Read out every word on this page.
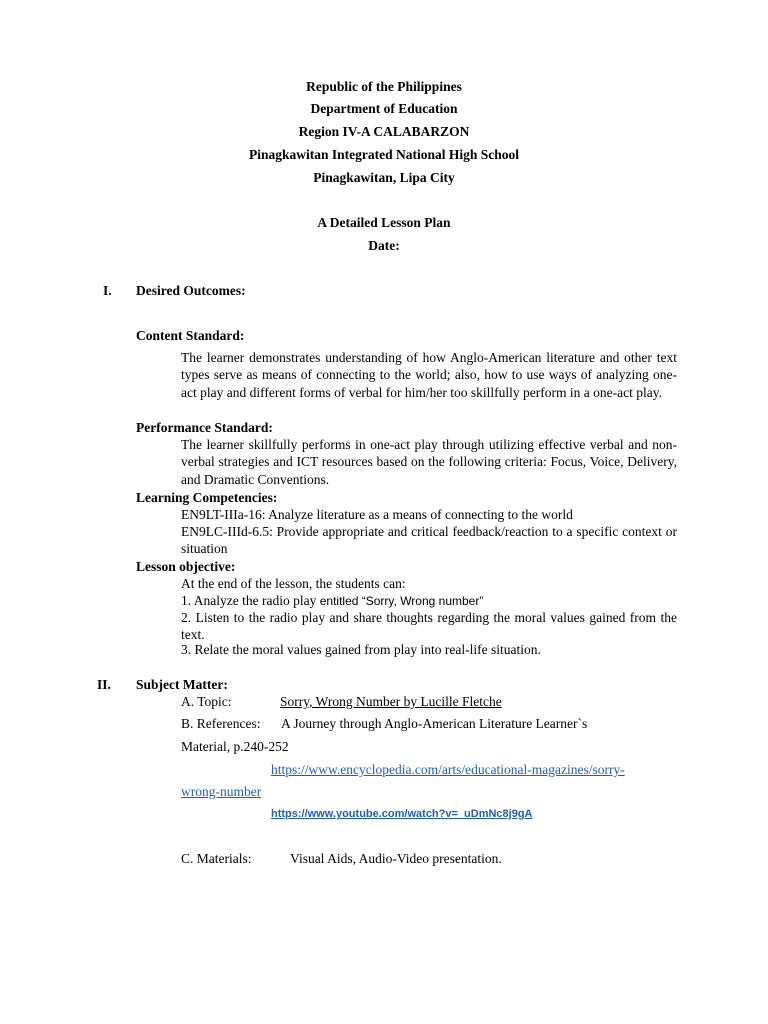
Republic of the Philippines
Department of Education
Region IV-A CALABARZON
Pinagkawitan Integrated National High School
Pinagkawitan, Lipa City
A Detailed Lesson Plan
Date:
I. Desired Outcomes:
Content Standard:
The learner demonstrates understanding of how Anglo-American literature and other text types serve as means of connecting to the world; also, how to use ways of analyzing one-act play and different forms of verbal for him/her too skillfully perform in a one-act play.
Performance Standard:
The learner skillfully performs in one-act play through utilizing effective verbal and non-verbal strategies and ICT resources based on the following criteria: Focus, Voice, Delivery, and Dramatic Conventions.
Learning Competencies:
EN9LT-IIIa-16: Analyze literature as a means of connecting to the world
EN9LC-IIId-6.5: Provide appropriate and critical feedback/reaction to a specific context or situation
Lesson objective:
At the end of the lesson, the students can:
1. Analyze the radio play entitled “Sorry, Wrong number”
2. Listen to the radio play and share thoughts regarding the moral values gained from the text.
3. Relate the moral values gained from play into real-life situation.
II. Subject Matter:
A. Topic:	Sorry, Wrong Number by Lucille Fletche
B. References: A Journey through Anglo-American Literature Learner`s
Material, p.240-252
https://www.encyclopedia.com/arts/educational-magazines/sorry-
wrong-number
https://www.youtube.com/watch?v=_uDmNc8j9gA
C. Materials:	Visual Aids, Audio-Video presentation.
